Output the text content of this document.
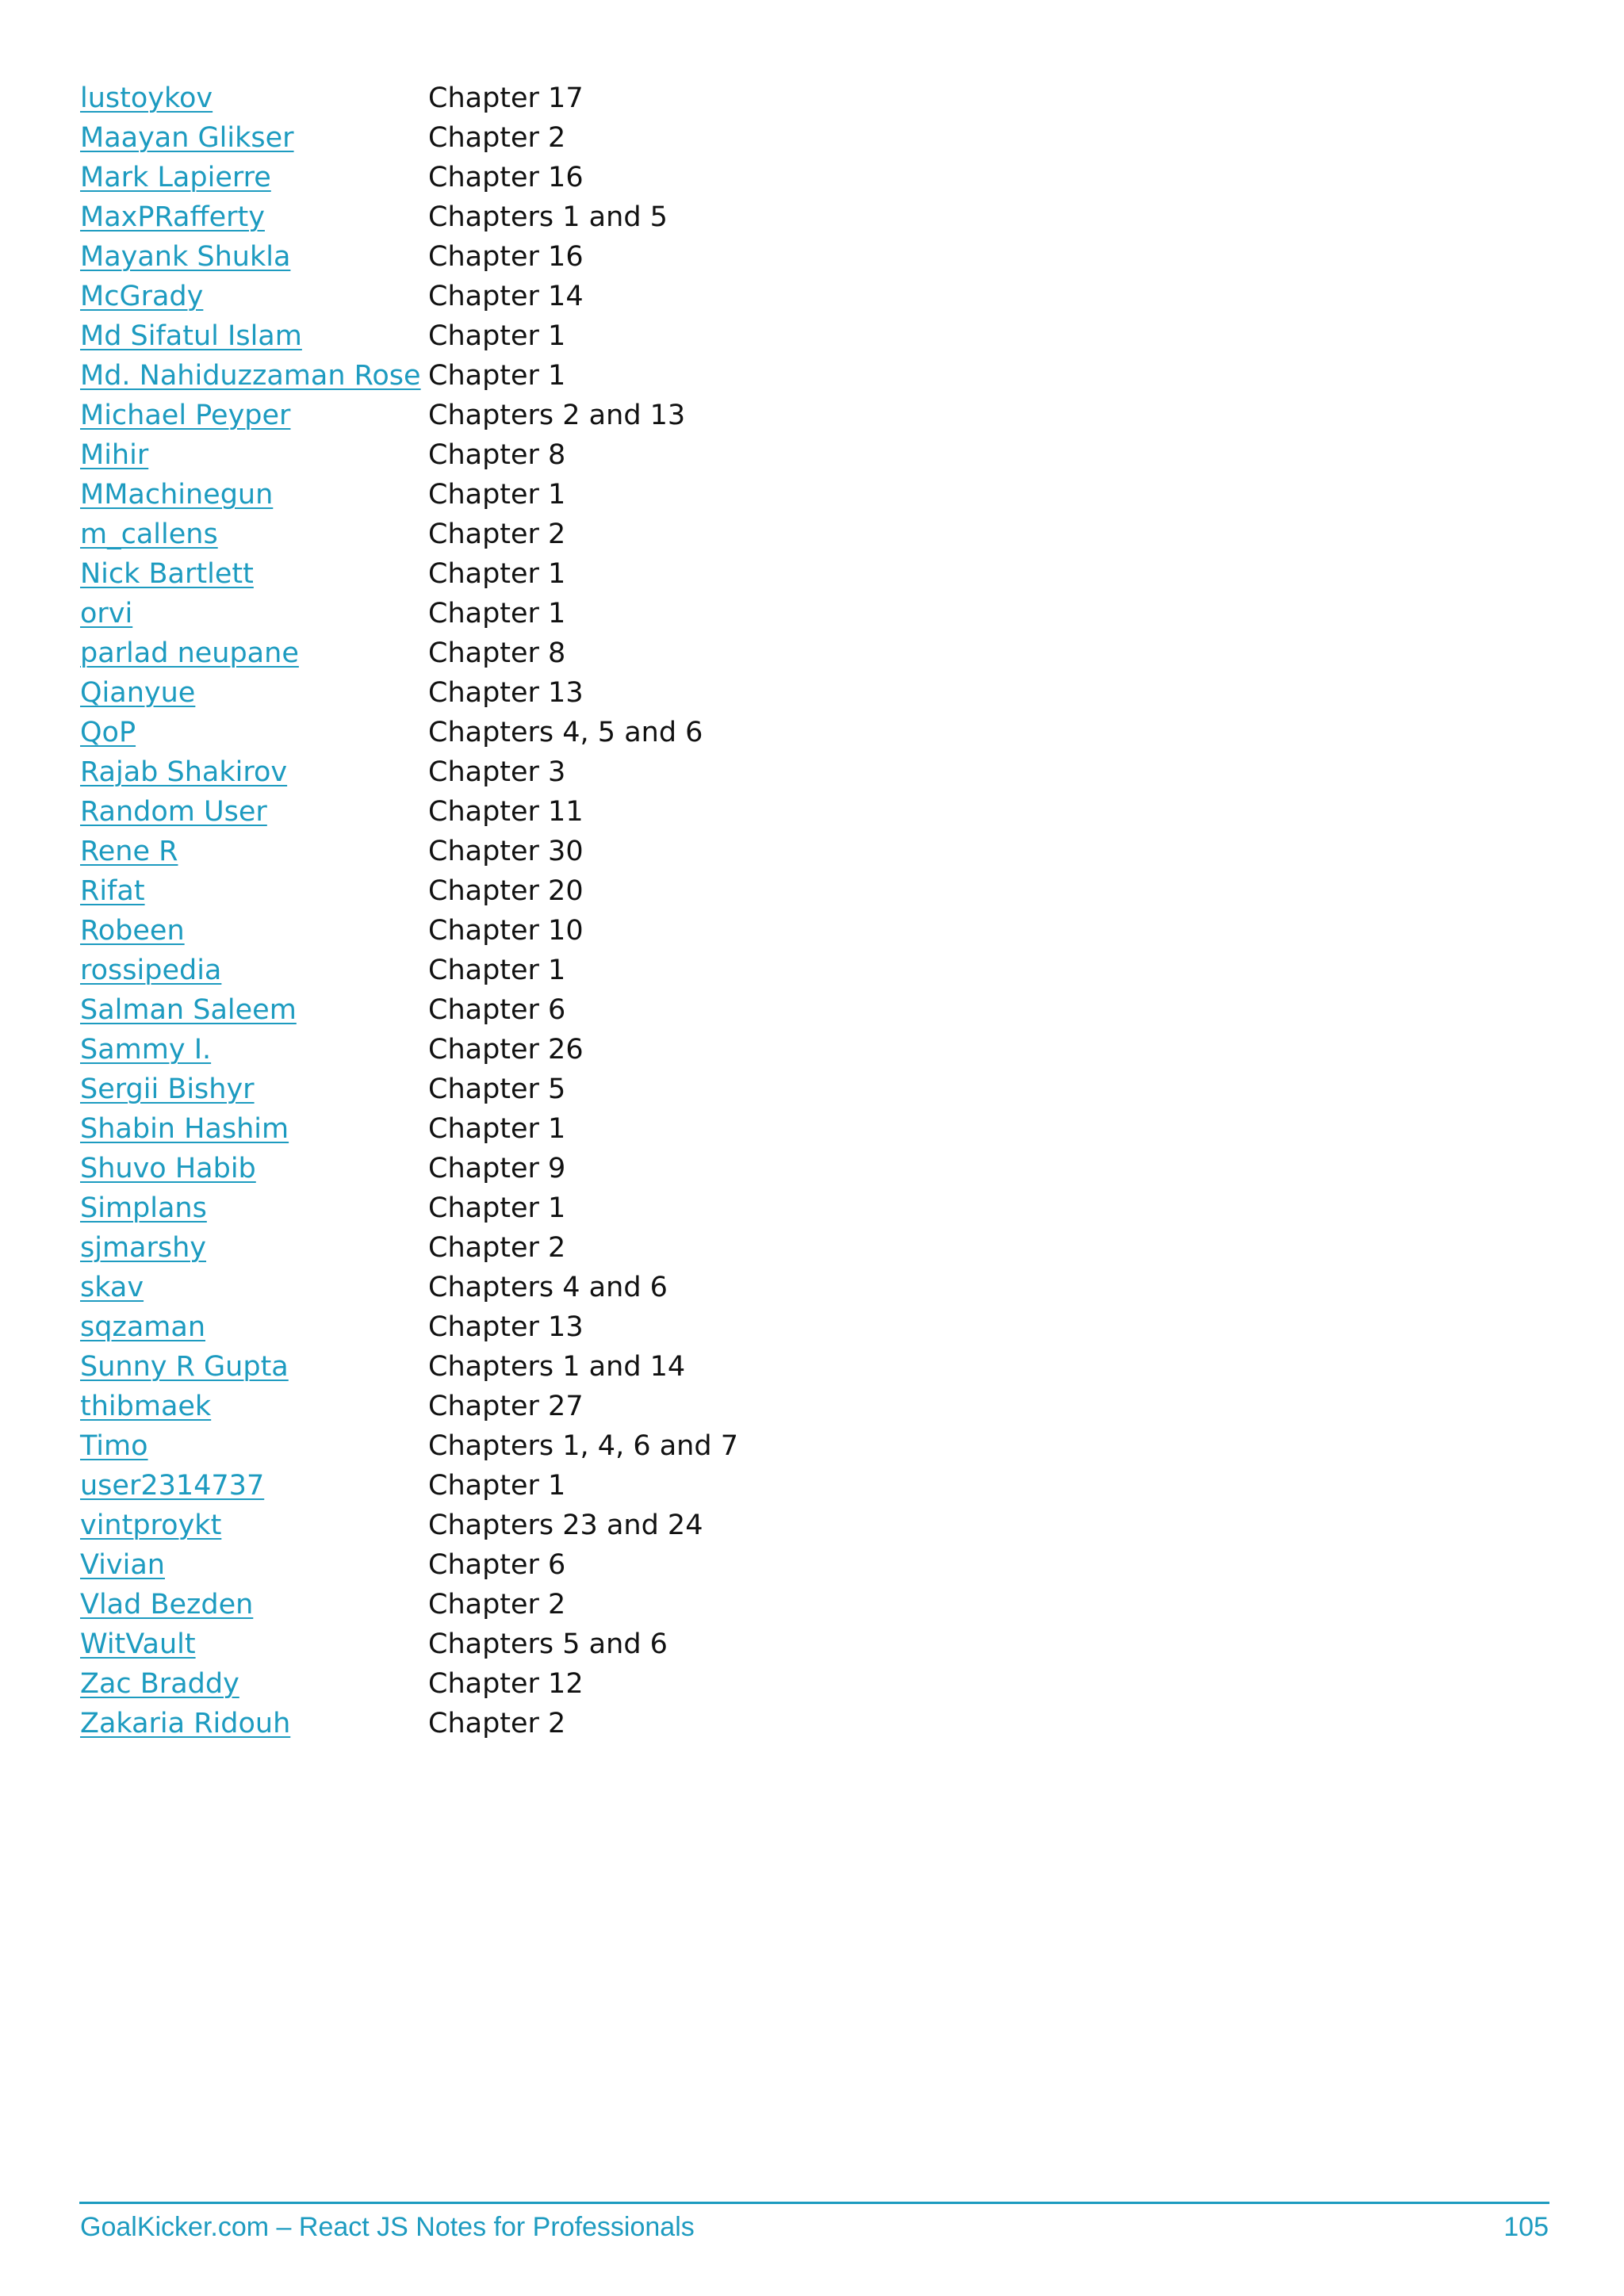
lustoykov	Chapter 17
Maayan Glikser	Chapter 2
Mark Lapierre	Chapter 16
MaxPRafferty	Chapters 1 and 5
Mayank Shukla	Chapter 16
McGrady	Chapter 14
Md Sifatul Islam	Chapter 1
Md. Nahiduzzaman Rose Chapter 1
Michael Peyper	Chapters 2 and 13
Mihir	Chapter 8
MMachinegun	Chapter 1
m_callens	Chapter 2
Nick Bartlett	Chapter 1
orvi	Chapter 1
parlad neupane	Chapter 8
Qianyue	Chapter 13
QoP	Chapters 4, 5 and 6
Rajab Shakirov	Chapter 3
Random User	Chapter 11
Rene R	Chapter 30
Rifat	Chapter 20
Robeen	Chapter 10
rossipedia	Chapter 1
Salman Saleem	Chapter 6
Sammy I.	Chapter 26
Sergii Bishyr	Chapter 5
Shabin Hashim	Chapter 1
Shuvo Habib	Chapter 9
Simplans	Chapter 1
sjmarshy	Chapter 2
skav	Chapters 4 and 6
sqzaman	Chapter 13
Sunny R Gupta	Chapters 1 and 14
thibmaek	Chapter 27
Timo	Chapters 1, 4, 6 and 7
user2314737	Chapter 1
vintproykt	Chapters 23 and 24
Vivian	Chapter 6
Vlad Bezden	Chapter 2
WitVault	Chapters 5 and 6
Zac Braddy	Chapter 12
Zakaria Ridouh	Chapter 2
GoalKicker.com – React JS Notes for Professionals	105
